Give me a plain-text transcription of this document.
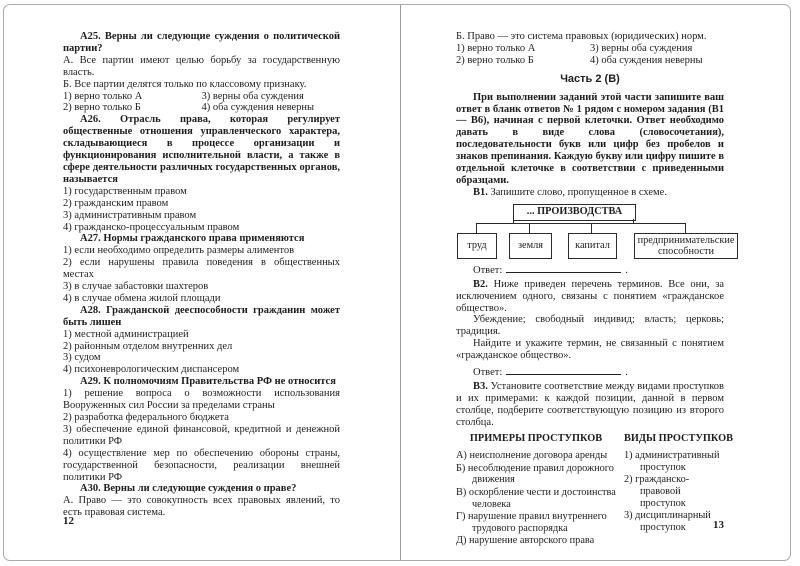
А25. Верны ли следующие суждения о политической партии?

А. Все партии имеют целью борьбу за государственную власть.

Б. Все партии делятся только по классовому признаку.

1) верно только А	3) верны оба суждения
2) верно только Б	4) оба суждения неверны

А26. Отрасль права, которая регулирует общественные отношения управленческого характера, складывающиеся в процессе организации и функционирования исполнительной власти, а также в сфере деятельности различных государственных органов, называется

1) государственным правом

2) гражданским правом

3) административным правом

4) гражданско-процессуальным правом

А27. Нормы гражданского права применяются

1) если необходимо определить размеры алиментов

2) если нарушены правила поведения в общественных местах

3) в случае забастовки шахтеров

4) в случае обмена жилой площади

А28. Гражданской дееспособности гражданин может быть лишен

1) местной администрацией

2) районным отделом внутренних дел

3) судом

4) психоневрологическим диспансером

А29. К полномочиям Правительства РФ не относится

1) решение вопроса о возможности использования Вооруженных сил России за пределами страны

2) разработка федерального бюджета

3) обеспечение единой финансовой, кредитной и денежной политики РФ

4) осуществление мер по обеспечению обороны страны, государственной безопасности, реализации внешней политики РФ

А30. Верны ли следующие суждения о праве?

А. Право — это совокупность всех правовых явлений, то есть правовая система.

Б. Право — это система правовых (юридических) норм.

1) верно только А	3) верны оба суждения
2) верно только Б	4) оба суждения неверны

Часть 2 (В)

При выполнении заданий этой части запишите ваш ответ в бланк ответов № 1 рядом с номером задания (В1 — В6), начиная с первой клеточки. Ответ необходимо давать в виде слова (словосочетания), последовательности букв или цифр без пробелов и знаков препинания. Каждую букву или цифру пишите в отдельной клеточке в соответствии с приведенными образцами.

В1. Запишите слово, пропущенное в схеме.

... ПРОИЗВОДСТВА
труд	земля	капитал	предпринимательские способности

Ответ:	.

В2. Ниже приведен перечень терминов. Все они, за исключением одного, связаны с понятием «гражданское общество».

Убеждение; свободный индивид; власть; церковь; традиция.

Найдите и укажите термин, не связанный с понятием «гражданское общество».

Ответ:	.

В3. Установите соответствие между видами проступков и их примерами: к каждой позиции, данной в первом столбце, подберите соответствующую позицию из второго столбца.

ПРИМЕРЫ ПРОСТУПКОВ
А) неисполнение договора аренды
Б) несоблюдение правил дорожного движения
В) оскорбление чести и достоинства человека
Г) нарушение правил внутреннего трудового распорядка
Д) нарушение авторского права
ВИДЫ ПРОСТУПКОВ
1) административный проступок
2) гражданско-правовой проступок
3) дисциплинарный проступок
12	13
